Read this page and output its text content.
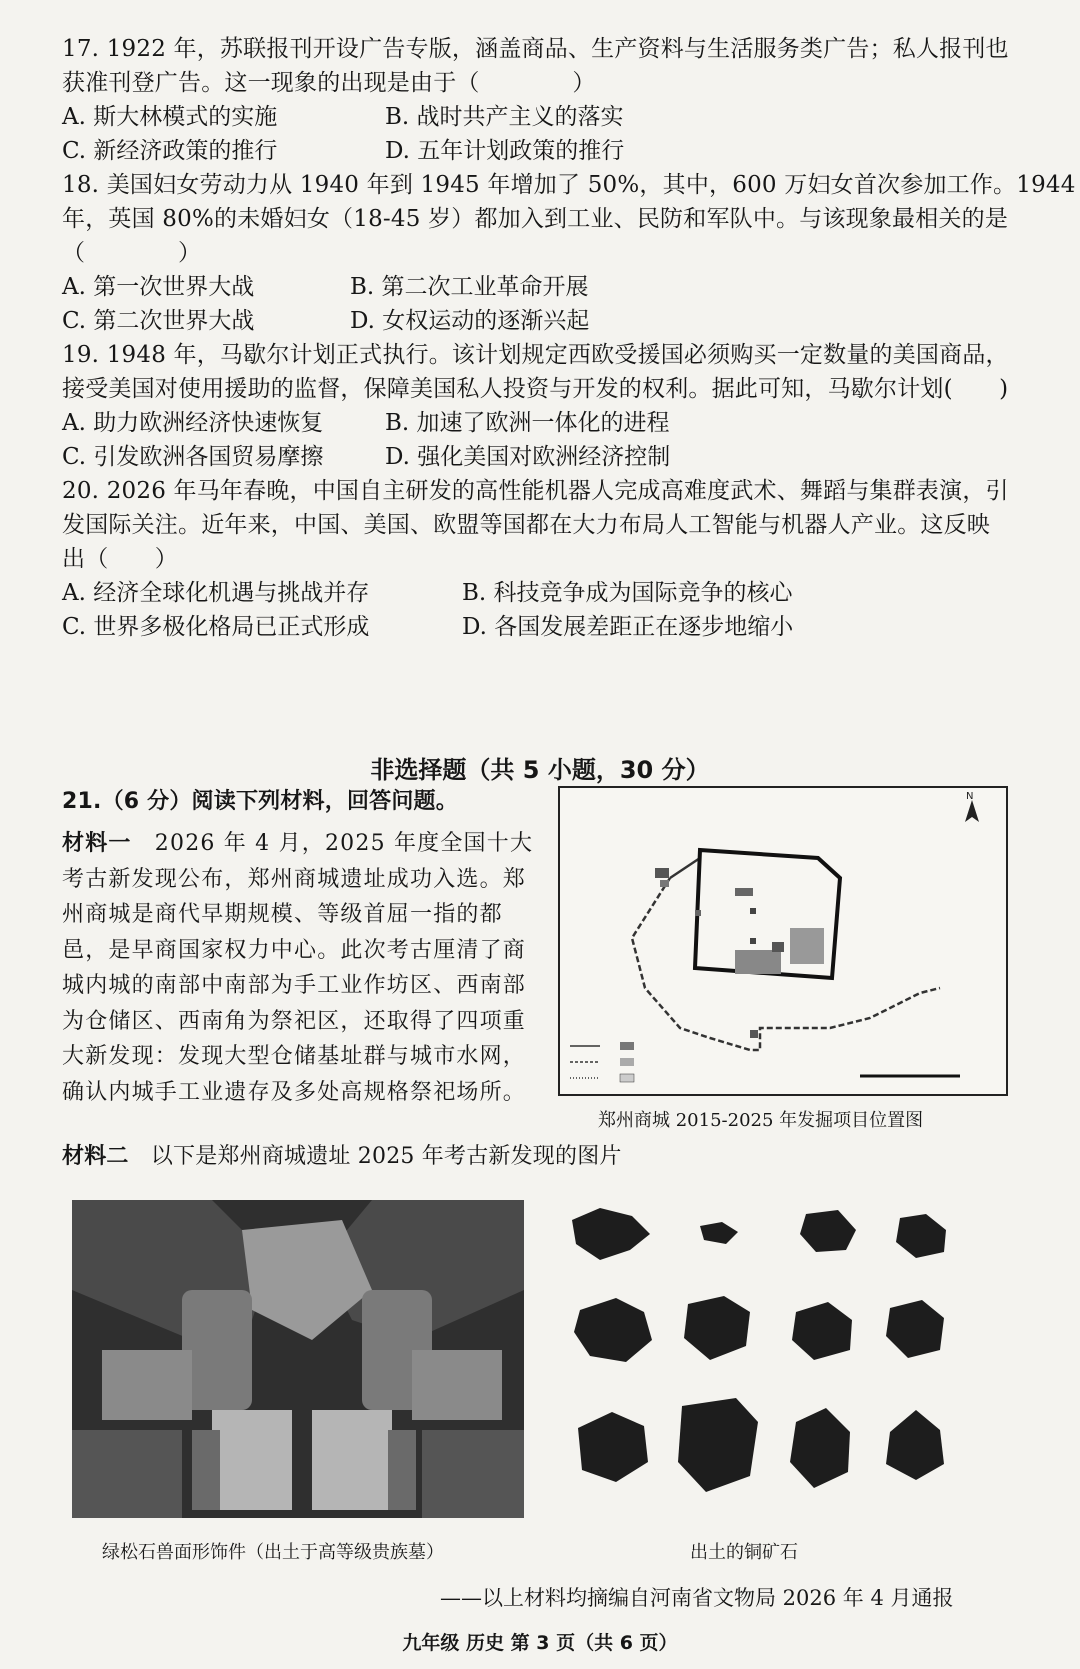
17. 1922 年，苏联报刊开设广告专版，涵盖商品、生产资料与生活服务类广告；私人报刊也
获准刊登广告。这一现象的出现是由于（　　　　）
A. 斯大林模式的实施	B. 战时共产主义的落实
C. 新经济政策的推行	D. 五年计划政策的推行
18. 美国妇女劳动力从 1940 年到 1945 年增加了 50%，其中，600 万妇女首次参加工作。1944
年，英国 80%的未婚妇女（18-45 岁）都加入到工业、民防和军队中。与该现象最相关的是
（　　　　）
A. 第一次世界大战	B. 第二次工业革命开展
C. 第二次世界大战	D. 女权运动的逐渐兴起
19. 1948 年，马歇尔计划正式执行。该计划规定西欧受援国必须购买一定数量的美国商品，
接受美国对使用援助的监督，保障美国私人投资与开发的权利。据此可知，马歇尔计划(　　)
A. 助力欧洲经济快速恢复	B. 加速了欧洲一体化的进程
C. 引发欧洲各国贸易摩擦	D. 强化美国对欧洲经济控制
20. 2026 年马年春晚，中国自主研发的高性能机器人完成高难度武术、舞蹈与集群表演，引
发国际关注。近年来，中国、美国、欧盟等国都在大力布局人工智能与机器人产业。这反映
出（　　）
A. 经济全球化机遇与挑战并存	B. 科技竞争成为国际竞争的核心
C. 世界多极化格局已正式形成	D. 各国发展差距正在逐步地缩小
非选择题（共 5 小题，30 分）
21.（6 分）阅读下列材料，回答问题。
材料一　2026 年 4 月，2025 年度全国十大考古新发现公布，郑州商城遗址成功入选。郑州商城是商代早期规模、等级首屈一指的都邑，是早商国家权力中心。此次考古厘清了商城内城的南部中南部为手工业作坊区、西南部为仓储区、西南角为祭祀区，还取得了四项重大新发现：发现大型仓储基址群与城市水网，确认内城手工业遗存及多处高规格祭祀场所。
N
郑州商城 2015-2025 年发掘项目位置图
材料二　 以下是郑州商城遗址 2025 年考古新发现的图片
绿松石兽面形饰件（出土于高等级贵族墓）	出土的铜矿石
——以上材料均摘编自河南省文物局 2026 年 4 月通报
九年级 历史 第 3 页（共 6 页）
